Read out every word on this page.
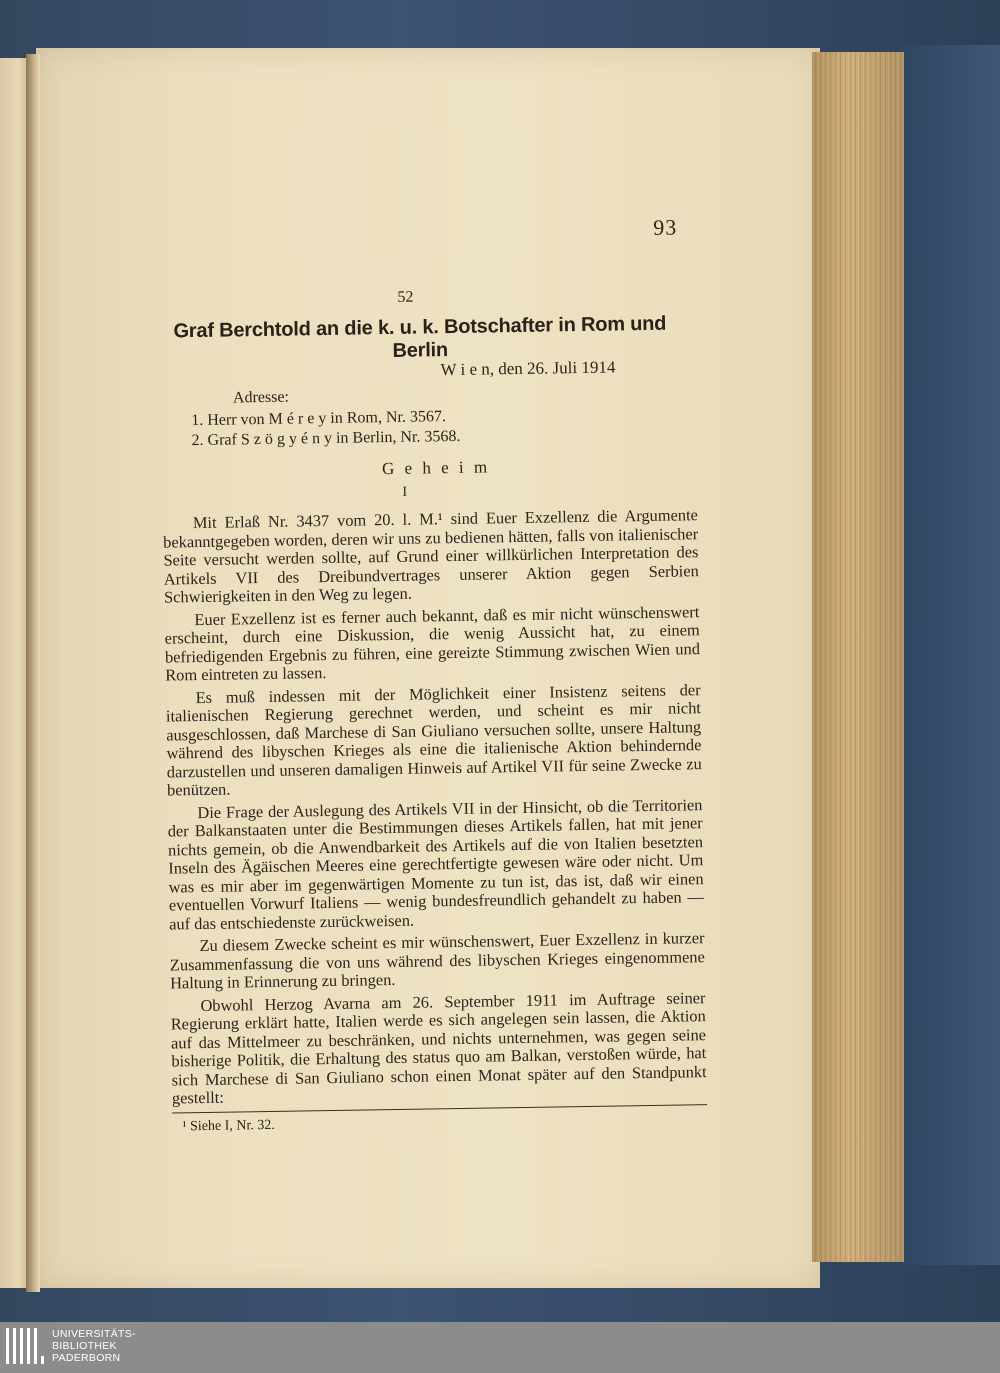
93
52
Graf Berchtold an die k. u. k. Botschafter in Rom und Berlin
W i e n, den 26. Juli 1914
Adresse:
1. Herr von M é r e y in Rom, Nr. 3567.
2. Graf S z ö g y é n y in Berlin, Nr. 3568.
G e h e i m
I

Mit Erlaß Nr. 3437 vom 20. l. M.¹ sind Euer Exzellenz die Argumente bekanntgegeben worden, deren wir uns zu bedienen hätten, falls von italienischer Seite versucht werden sollte, auf Grund einer willkürlichen Interpretation des Artikels VII des Dreibundvertrages unserer Aktion gegen Serbien Schwierigkeiten in den Weg zu legen.

Euer Exzellenz ist es ferner auch bekannt, daß es mir nicht wünschenswert erscheint, durch eine Diskussion, die wenig Aussicht hat, zu einem befriedigenden Ergebnis zu führen, eine gereizte Stimmung zwischen Wien und Rom eintreten zu lassen.

Es muß indessen mit der Möglichkeit einer Insistenz seitens der italienischen Regierung gerechnet werden, und scheint es mir nicht ausgeschlossen, daß Marchese di San Giuliano versuchen sollte, unsere Haltung während des libyschen Krieges als eine die italienische Aktion behindernde darzustellen und unseren damaligen Hinweis auf Artikel VII für seine Zwecke zu benützen.

Die Frage der Auslegung des Artikels VII in der Hinsicht, ob die Territorien der Balkanstaaten unter die Bestimmungen dieses Artikels fallen, hat mit jener nichts gemein, ob die Anwendbarkeit des Artikels auf die von Italien besetzten Inseln des Ägäischen Meeres eine gerechtfertigte gewesen wäre oder nicht. Um was es mir aber im gegenwärtigen Momente zu tun ist, das ist, daß wir einen eventuellen Vorwurf Italiens — wenig bundesfreundlich gehandelt zu haben — auf das entschiedenste zurückweisen.

Zu diesem Zwecke scheint es mir wünschenswert, Euer Exzellenz in kurzer Zusammenfassung die von uns während des libyschen Krieges eingenommene Haltung in Erinnerung zu bringen.

Obwohl Herzog Avarna am 26. September 1911 im Auftrage seiner Regierung erklärt hatte, Italien werde es sich angelegen sein lassen, die Aktion auf das Mittelmeer zu beschränken, und nichts unternehmen, was gegen seine bisherige Politik, die Erhaltung des status quo am Balkan, verstoßen würde, hat sich Marchese di San Giuliano schon einen Monat später auf den Standpunkt gestellt:

¹ Siehe I, Nr. 32.
UNIVERSITÄTS-
BIBLIOTHEK
PADERBORN
